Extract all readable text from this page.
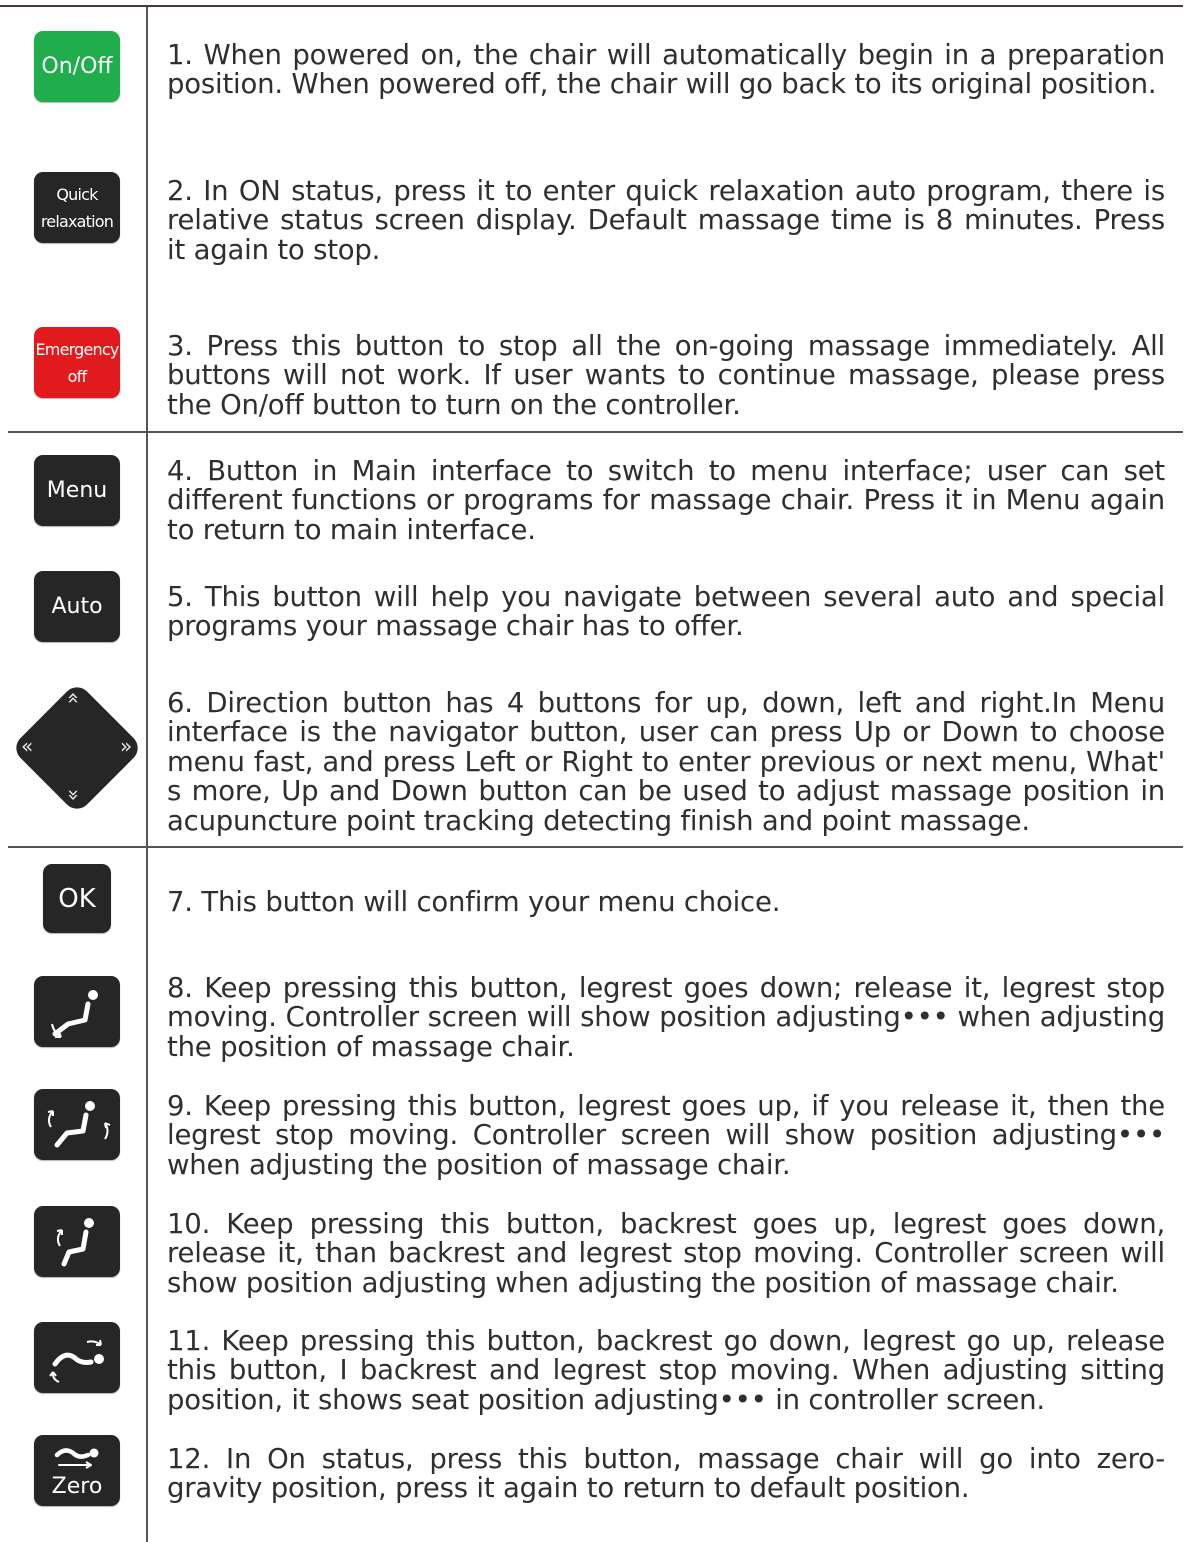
On/Off 1. When powered on, the chair will automatically begin in a preparation position. When powered off, the chair will go back to its original position.
Quick
relaxation
2. In ON status, press it to enter quick relaxation auto program, there is relative status screen display. Default massage time is 8 minutes. Press it again to stop.
Emergency
off
3. Press this button to stop all the on-going massage immediately. All buttons will not work. If user wants to continue massage, please press the On/off button to turn on the controller.
Menu
4. Button in Main interface to switch to menu interface; user can set different functions or programs for massage chair. Press it in Menu again to return to main interface.
Auto 5. This button will help you navigate between several auto and special programs your massage chair has to offer.
«
«	»
»
6. Direction button has 4 buttons for up, down, left and right.In Menu interface is the navigator button, user can press Up or Down to choose menu fast, and press Left or Right to enter previous or next menu, What' s more, Up and Down button can be used to adjust massage position in acupuncture point tracking detecting finish and point massage.
OK	7. This button will confirm your menu choice.
8. Keep pressing this button, legrest goes down; release it, legrest stop moving. Controller screen will show position adjusting••• when adjusting the position of massage chair.
9. Keep pressing this button, legrest goes up, if you release it, then the legrest stop moving. Controller screen will show position adjusting••• when adjusting the position of massage chair.
10. Keep pressing this button, backrest goes up, legrest goes down, release it, than backrest and legrest stop moving. Controller screen will show position adjusting when adjusting the position of massage chair.
11. Keep pressing this button, backrest go down, legrest go up, release this button, I backrest and legrest stop moving. When adjusting sitting position, it shows seat position adjusting••• in controller screen.
Zero
12. In On status, press this button, massage chair will go into zero-gravity position, press it again to return to default position.
